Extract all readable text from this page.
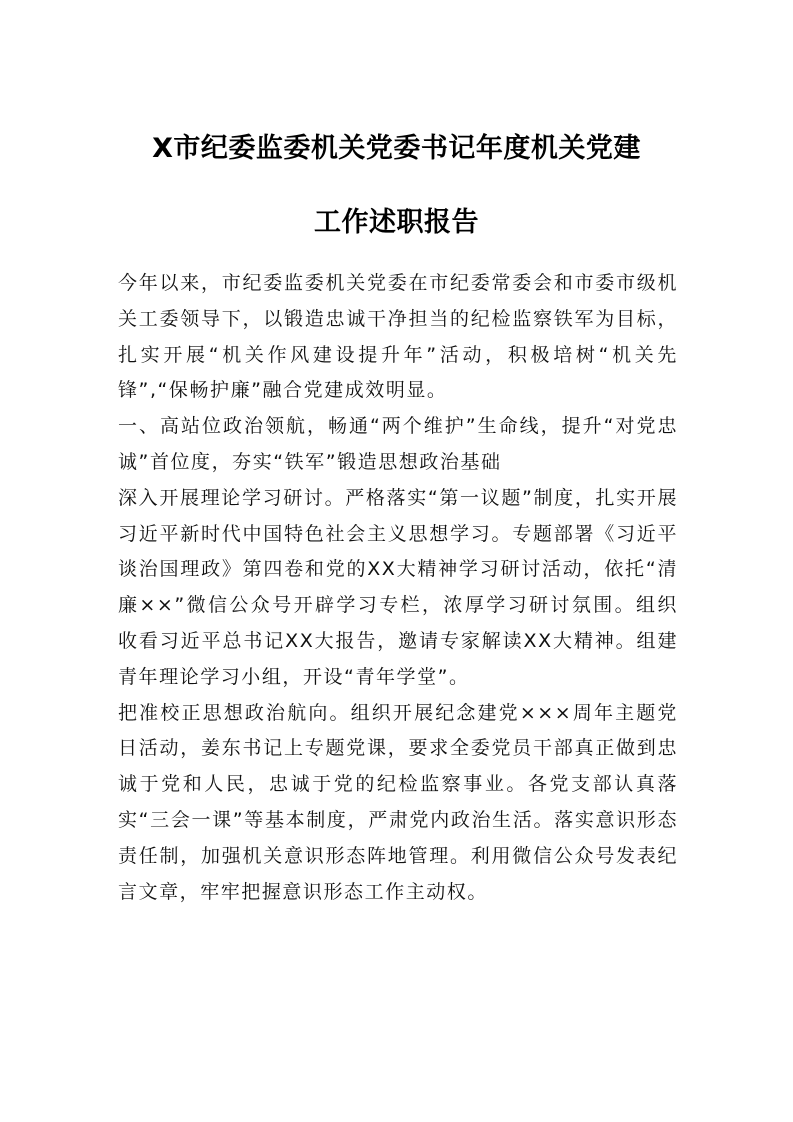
X市纪委监委机关党委书记年度机关党建
工作述职报告

今年以来，市纪委监委机关党委在市纪委常委会和市委市级机关工委领导下，以锻造忠诚干净担当的纪检监察铁军为目标，扎实开展“机关作风建设提升年”活动，积极培树“机关先锋”,“保畅护廉”融合党建成效明显。

一、高站位政治领航，畅通“两个维护”生命线，提升“对党忠诚”首位度，夯实“铁军”锻造思想政治基础

深入开展理论学习研讨。严格落实“第一议题”制度，扎实开展习近平新时代中国特色社会主义思想学习。专题部署《习近平谈治国理政》第四卷和党的XX大精神学习研讨活动，依托“清廉××”微信公众号开辟学习专栏，浓厚学习研讨氛围。组织收看习近平总书记XX大报告，邀请专家解读XX大精神。组建青年理论学习小组，开设“青年学堂”。

把准校正思想政治航向。组织开展纪念建党×××周年主题党日活动，姜东书记上专题党课，要求全委党员干部真正做到忠诚于党和人民，忠诚于党的纪检监察事业。各党支部认真落实“三会一课”等基本制度，严肃党内政治生活。落实意识形态责任制，加强机关意识形态阵地管理。利用微信公众号发表纪言文章，牢牢把握意识形态工作主动权。
